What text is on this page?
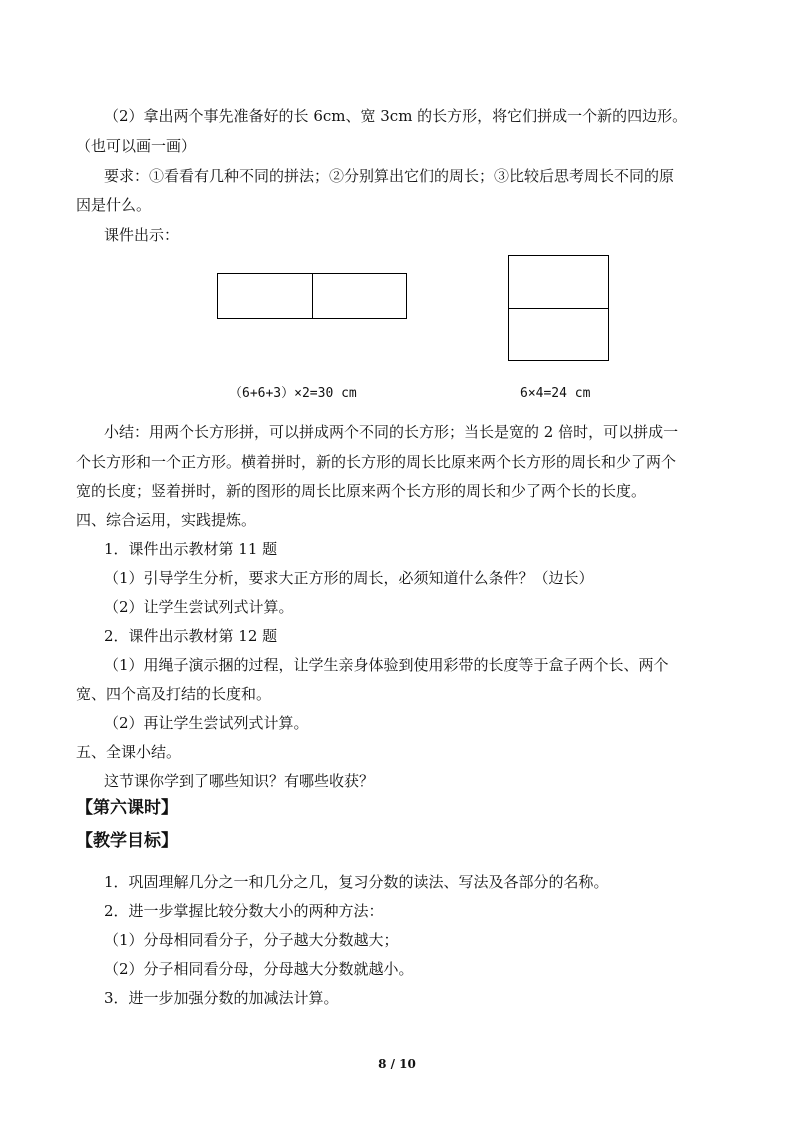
（2）拿出两个事先准备好的长 6cm、宽 3cm 的长方形，将它们拼成一个新的四边形。
（也可以画一画）
要求：①看看有几种不同的拼法；②分别算出它们的周长；③比较后思考周长不同的原
因是什么。
课件出示：
（6+6+3）×2=30 cm	6×4=24 cm
小结：用两个长方形拼，可以拼成两个不同的长方形；当长是宽的 2 倍时，可以拼成一
个长方形和一个正方形。横着拼时，新的长方形的周长比原来两个长方形的周长和少了两个
宽的长度；竖着拼时，新的图形的周长比原来两个长方形的周长和少了两个长的长度。
四、综合运用，实践提炼。
1．课件出示教材第 11 题
（1）引导学生分析，要求大正方形的周长，必须知道什么条件？（边长）
（2）让学生尝试列式计算。
2．课件出示教材第 12 题
（1）用绳子演示捆的过程，让学生亲身体验到使用彩带的长度等于盒子两个长、两个
宽、四个高及打结的长度和。
（2）再让学生尝试列式计算。
五、全课小结。
这节课你学到了哪些知识？有哪些收获？
【第六课时】
【教学目标】
1．巩固理解几分之一和几分之几，复习分数的读法、写法及各部分的名称。
2．进一步掌握比较分数大小的两种方法：
（1）分母相同看分子，分子越大分数越大；
（2）分子相同看分母，分母越大分数就越小。
3．进一步加强分数的加减法计算。
8 / 10
